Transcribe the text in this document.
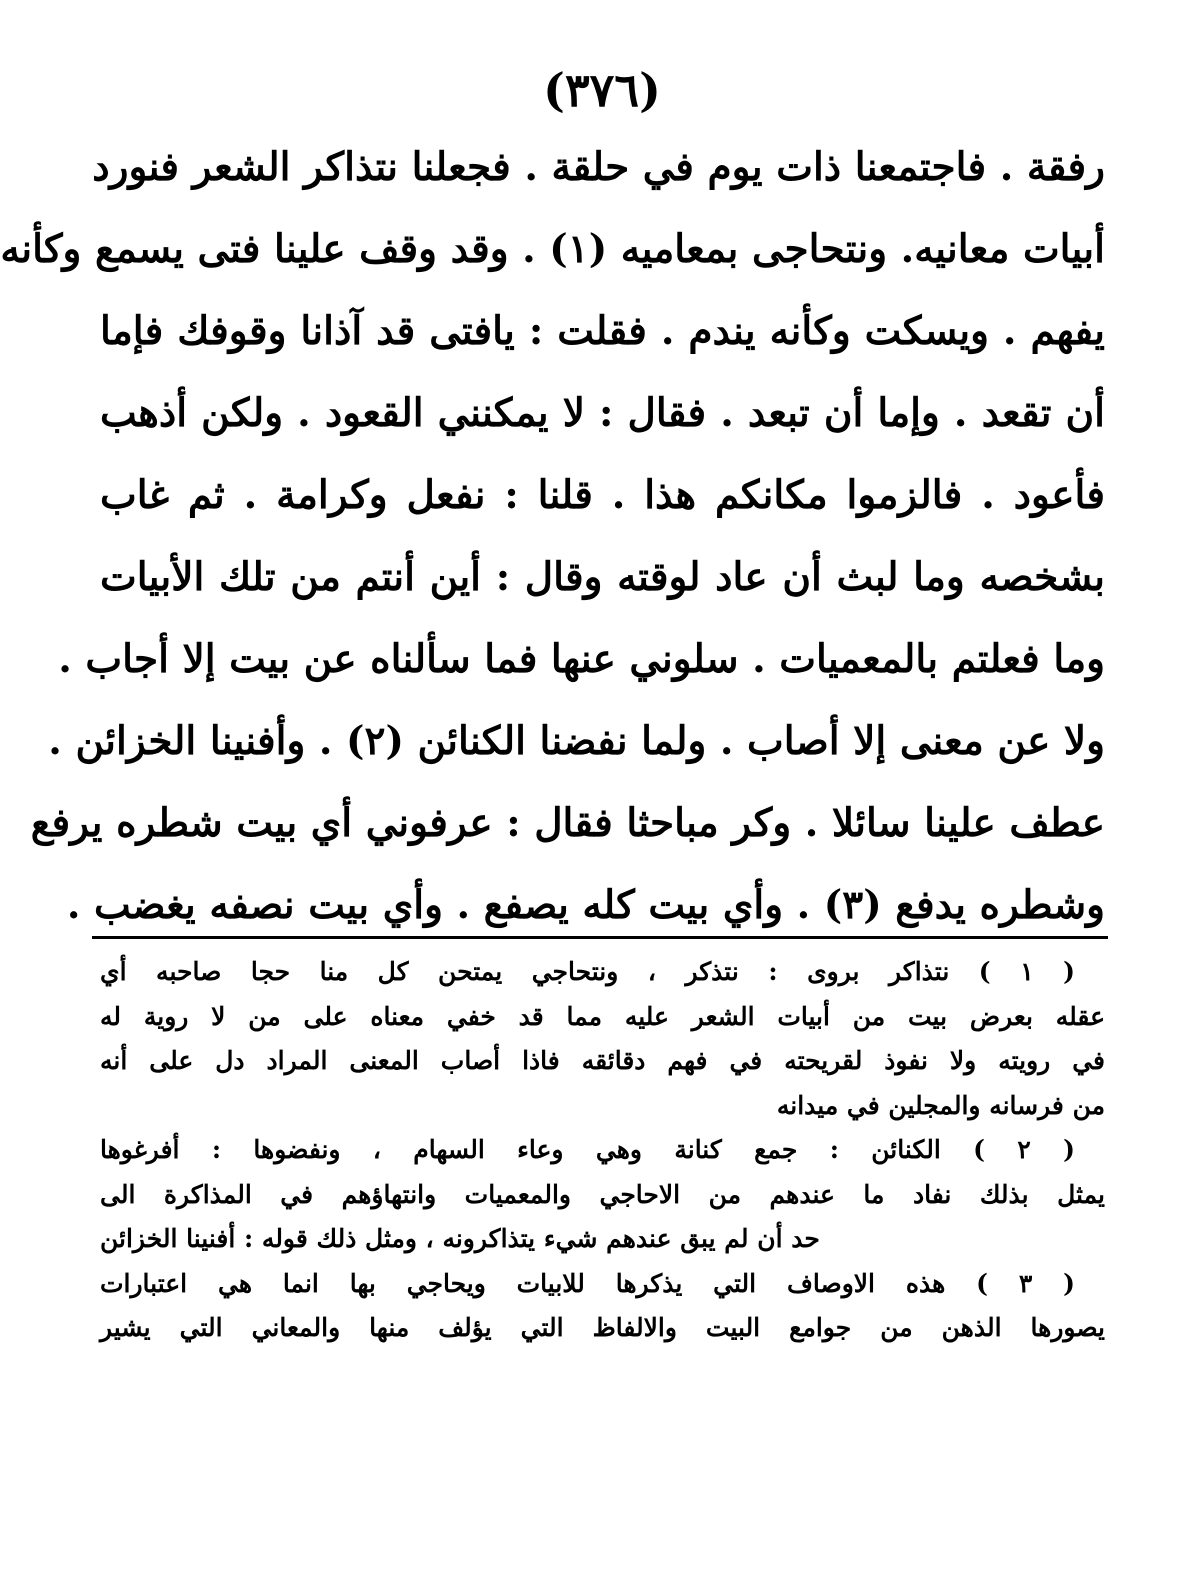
(٣٧٦)
رفقة . فاجتمعنا ذات يوم في حلقة . فجعلنا نتذاكر الشعر فنورد
أبيات معانيه. ونتحاجى بمعاميه (١) . وقد وقف علينا فتى يسمع وكأنه
يفهم . ويسكت وكأنه يندم . فقلت : يافتى قد آذانا وقوفك فإما
أن تقعد . وإما أن تبعد . فقال : لا يمكنني القعود . ولكن أذهب
فأعود . فالزموا مكانكم هذا . قلنا : نفعل وكرامة . ثم غاب
بشخصه وما لبث أن عاد لوقته وقال : أين أنتم من تلك الأبيات
وما فعلتم بالمعميات . سلوني عنها فما سألناه عن بيت إلا أجاب .
ولا عن معنى إلا أصاب . ولما نفضنا الكنائن (٢) . وأفنينا الخزائن .
عطف علينا سائلا . وكر مباحثا فقال : عرفوني أي بيت شطره يرفع
وشطره يدفع (٣) . وأي بيت كله يصفع . وأي بيت نصفه يغضب .
( ١ ) نتذاكر بروى : نتذكر ، ونتحاجي يمتحن كل منا حجا صاحبه أي
عقله بعرض بيت من أبيات الشعر عليه مما قد خفي معناه على من لا روية له
في رويته ولا نفوذ لقريحته في فهم دقائقه فاذا أصاب المعنى المراد دل على أنه
من فرسانه والمجلين في ميدانه
( ٢ ) الكنائن : جمع كنانة وهي وعاء السهام ، ونفضوها : أفرغوها
يمثل بذلك نفاد ما عندهم من الاحاجي والمعميات وانتهاؤهم في المذاكرة الى
حد أن لم يبق عندهم شيء يتذاكرونه ، ومثل ذلك قوله : أفنينا الخزائن
( ٣ ) هذه الاوصاف التي يذكرها للابيات ويحاجي بها انما هي اعتبارات
يصورها الذهن من جوامع البيت والالفاظ التي يؤلف منها والمعاني التي يشير
